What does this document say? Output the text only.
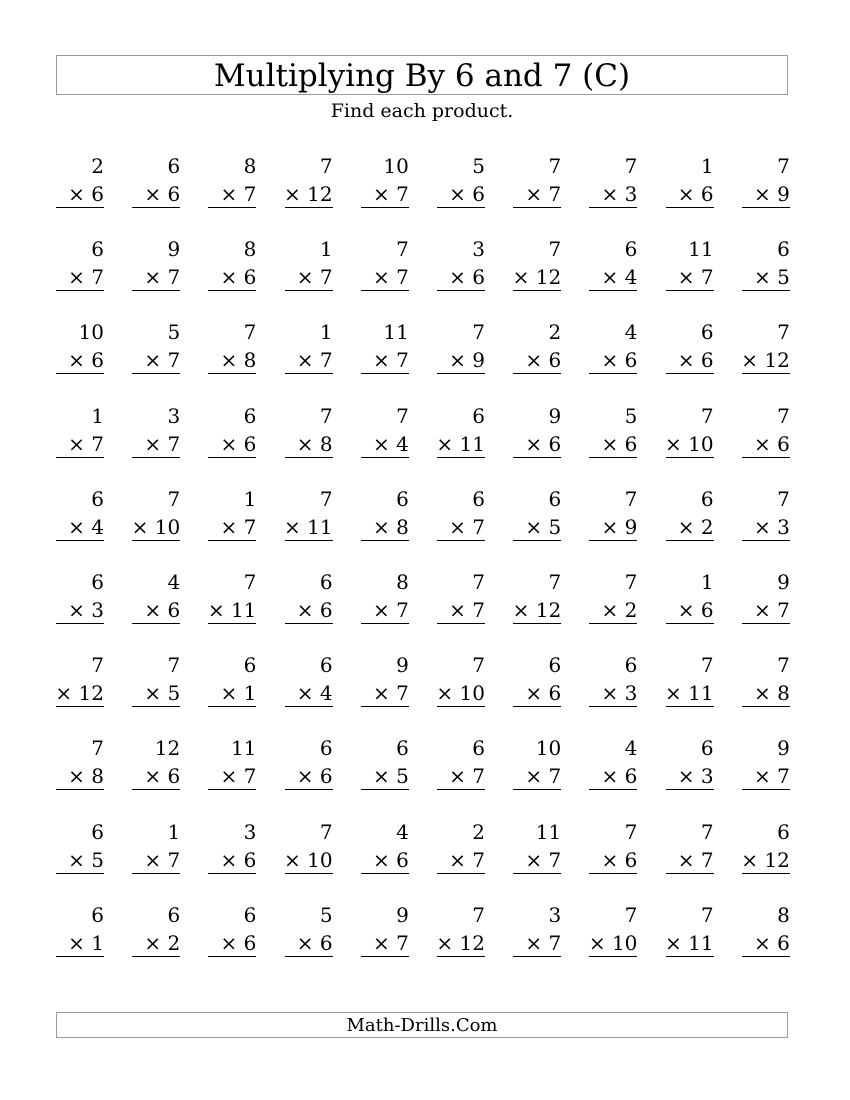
Multiplying By 6 and 7 (C)
Find each product.
2
× 6
6
× 6
8
× 7
7
× 12
10
× 7
5
× 6
7
× 7
7
× 3
1
× 6
7
× 9
6
× 7
9
× 7
8
× 6
1
× 7
7
× 7
3
× 6
7
× 12
6
× 4
11
× 7
6
× 5
10
× 6
5
× 7
7
× 8
1
× 7
11
× 7
7
× 9
2
× 6
4
× 6
6
× 6
7
× 12
1
× 7
3
× 7
6
× 6
7
× 8
7
× 4
6
× 11
9
× 6
5
× 6
7
× 10
7
× 6
6
× 4
7
× 10
1
× 7
7
× 11
6
× 8
6
× 7
6
× 5
7
× 9
6
× 2
7
× 3
6
× 3
4
× 6
7
× 11
6
× 6
8
× 7
7
× 7
7
× 12
7
× 2
1
× 6
9
× 7
7
× 12
7
× 5
6
× 1
6
× 4
9
× 7
7
× 10
6
× 6
6
× 3
7
× 11
7
× 8
7
× 8
12
× 6
11
× 7
6
× 6
6
× 5
6
× 7
10
× 7
4
× 6
6
× 3
9
× 7
6
× 5
1
× 7
3
× 6
7
× 10
4
× 6
2
× 7
11
× 7
7
× 6
7
× 7
6
× 12
6
× 1
6
× 2
6
× 6
5
× 6
9
× 7
7
× 12
3
× 7
7
× 10
7
× 11
8
× 6
Math-Drills.Com
